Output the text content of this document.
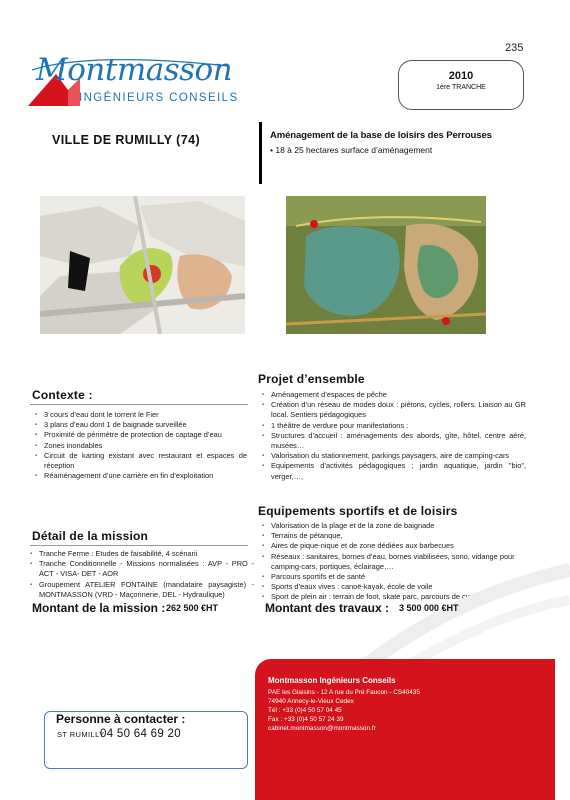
235
Montmasson
INGÉNIEURS CONSEILS
2010
1ère TRANCHE
VILLE DE RUMILLY (74)	Aménagement de la base de loisirs des Perrouses
• 18 à 25 hectares surface d’aménagement
Contexte :
▪ 3 cours d’eau dont le torrent le Fier
▪ 3 plans d’eau dont 1 de baignade surveillée
▪ Proximité de périmètre de protection de captage d’eau
▪ Zones inondables
▪ Circuit de karting existant avec restaurant et espaces de réception
▪ Réaménagement d’une carrière en fin d’exploitation
Projet d’ensemble
▪ Aménagement d’espaces de pêche
▪ Création d’un réseau de modes doux : piétons, cycles, rollers. Liaison au GR local. Sentiers pédagogiques
▪ 1 théâtre de verdure pour manifestations :
▪ Structures d’accueil : aménagements des abords, gîte, hôtel, centre aéré, musées…
▪ Valorisation du stationnement, parkings paysagers, aire de camping-cars
▪ Equipements d’activités pédagogiques ; jardin aquatique, jardin "bio", verger,…,
Détail de la mission
▪ Tranche Ferme : Etudes de faisabilité, 4 scénarii
▪ Tranche Conditionnelle - Missions normalisées : AVP - PRO - ACT - VISA- DET - AOR
▪ Groupement ATELIER FONTAINE (mandataire paysagiste) - MONTMASSON (VRD - Maçonnerie, DEL - Hydraulique)
Equipements sportifs et de loisirs
▪ Valorisation de la plage et de la zone de baignade
▪ Terrains de pétanque,
▪ Aires de pique-nique et de zone dédiées aux barbecues
▪ Réseaux : sanitaires, bornes d’eau, bornes viabilisées, sono, vidange pour camping-cars, portiques, éclairage….
▪ Parcours sportifs et de santé
▪ Sports d’eaux vives : canoë-kayak, école de voile
▪ Sport de plein air : terrain de foot, skate parc, parcours de cyclocross
Montant de la mission : 262 500 €HT	Montant des travaux : 3 500 000 €HT
Montmasson Ingénieurs Conseils
PAE les Glaisins - 12 A rue du Pré Faucon - CS40435
74940 Annecy-le-Vieux Cedex
Tél : +33 (0)4 50 57 04 45
Fax : +33 (0)4 50 57 24 39
cabinet.montmasson@montmasson.fr
Personne à contacter :
ST RUMILLY
04 50 64 69 20
